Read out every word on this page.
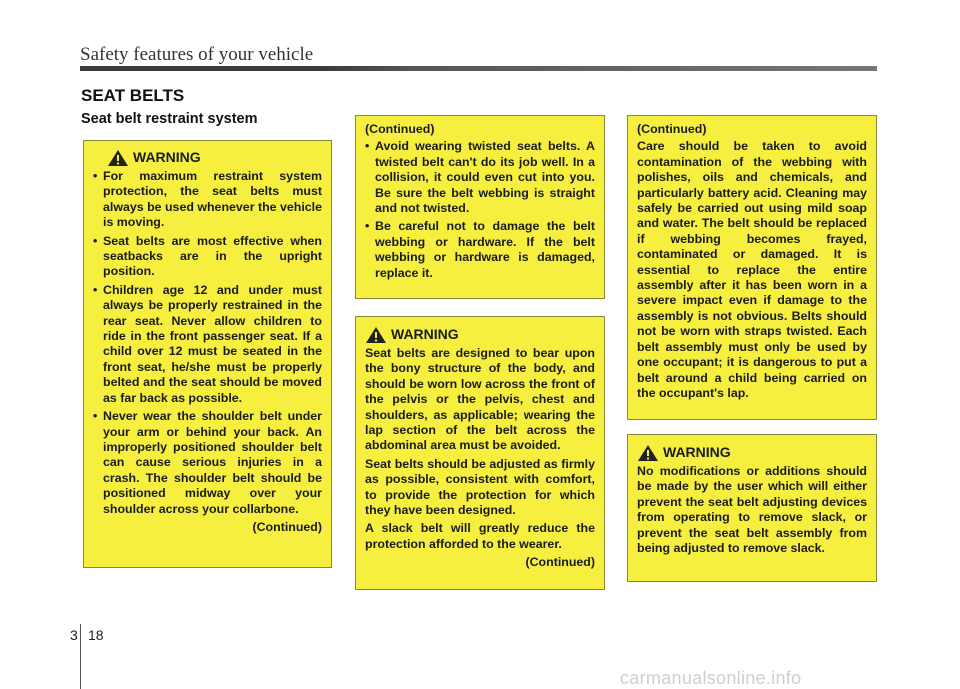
Safety features of your vehicle
SEAT BELTS
Seat belt restraint system
WARNING
• For maximum restraint system protection, the seat belts must always be used whenever the vehicle is moving.
• Seat belts are most effective when seatbacks are in the upright position.
• Children age 12 and under must always be properly restrained in the rear seat. Never allow children to ride in the front passenger seat. If a child over 12 must be seated in the front seat, he/she must be properly belted and the seat should be moved as far back as possible.
• Never wear the shoulder belt under your arm or behind your back. An improperly positioned shoulder belt can cause serious injuries in a crash. The shoulder belt should be positioned midway over your shoulder across your collarbone.
(Continued)
(Continued)
• Avoid wearing twisted seat belts. A twisted belt can't do its job well. In a collision, it could even cut into you. Be sure the belt webbing is straight and not twisted.
• Be careful not to damage the belt webbing or hardware. If the belt webbing or hardware is damaged, replace it.
WARNING

Seat belts are designed to bear upon the bony structure of the body, and should be worn low across the front of the pelvis or the pelvis, chest and shoulders, as applicable; wearing the lap section of the belt across the abdominal area must be avoided.

Seat belts should be adjusted as firmly as possible, consistent with comfort, to provide the protection for which they have been designed.

A slack belt will greatly reduce the protection afforded to the wearer.

(Continued)
(Continued)

Care should be taken to avoid contamination of the webbing with polishes, oils and chemicals, and particularly battery acid. Cleaning may safely be carried out using mild soap and water. The belt should be replaced if webbing becomes frayed, contaminated or damaged. It is essential to replace the entire assembly after it has been worn in a severe impact even if damage to the assembly is not obvious. Belts should not be worn with straps twisted. Each belt assembly must only be used by one occupant; it is dangerous to put a belt around a child being carried on the occupant's lap.

WARNING

No modifications or additions should be made by the user which will either prevent the seat belt adjusting devices from operating to remove slack, or prevent the seat belt assembly from being adjusted to remove slack.

3 18
carmanualsonline.info
